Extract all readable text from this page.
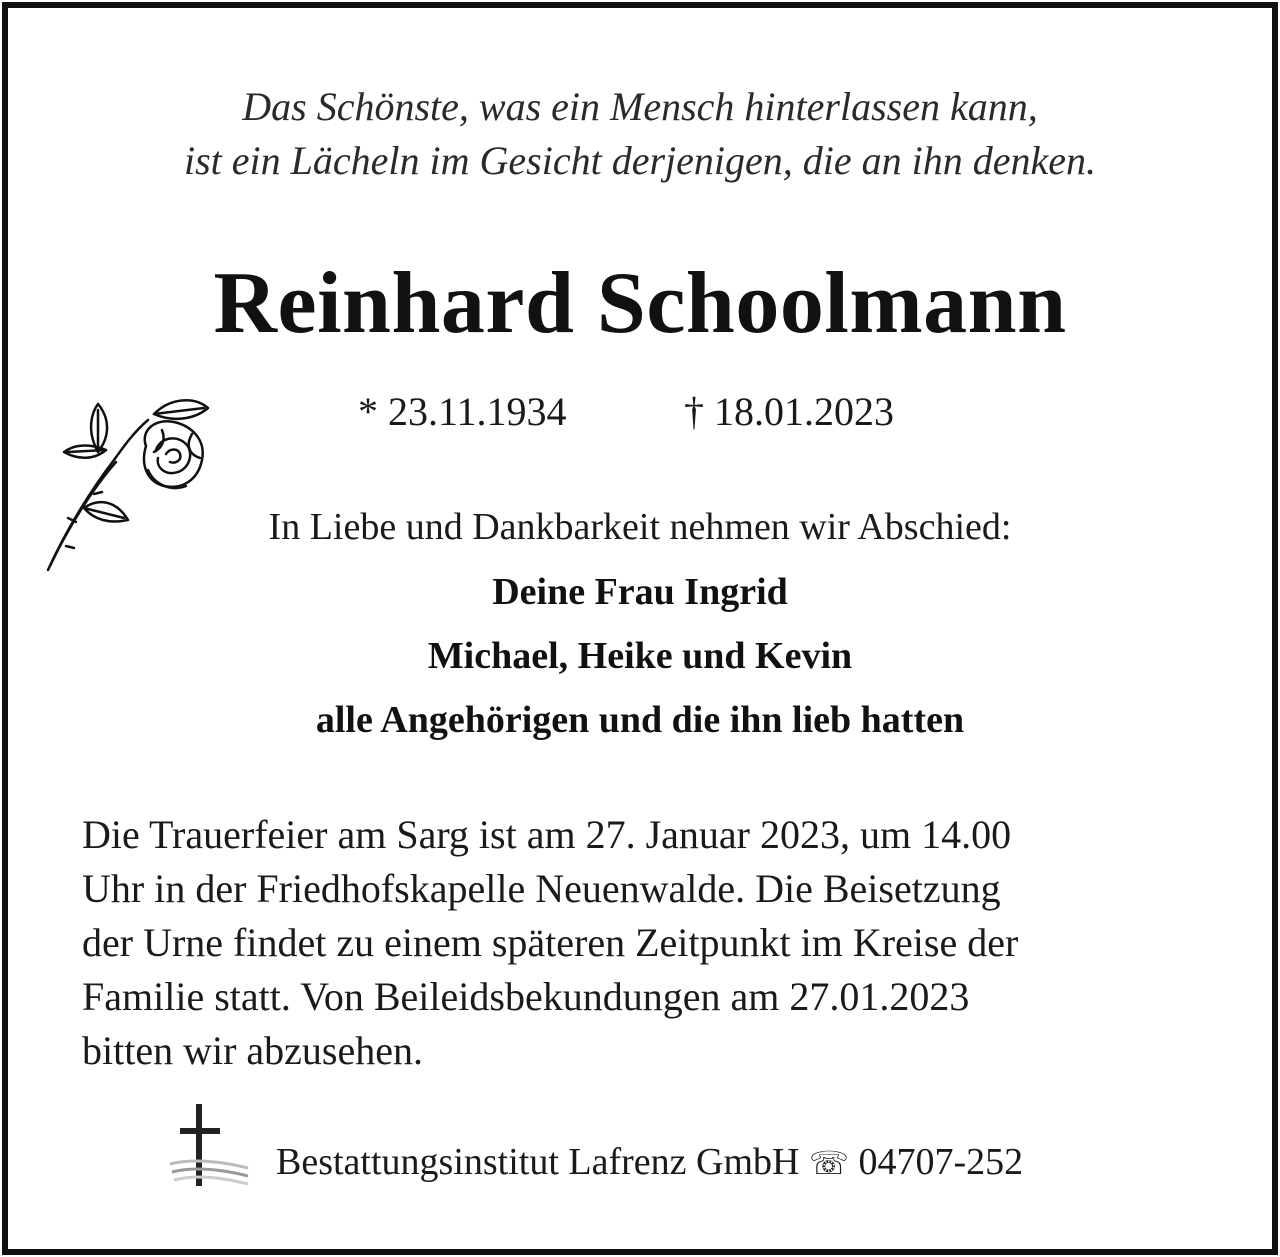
Das Schönste, was ein Mensch hinterlassen kann,
ist ein Lächeln im Gesicht derjenigen, die an ihn denken.
Reinhard Schoolmann
* 23.11.1934	† 18.01.2023
In Liebe und Dankbarkeit nehmen wir Abschied:
Deine Frau Ingrid
Michael, Heike und Kevin
alle Angehörigen und die ihn lieb hatten
Die Trauerfeier am Sarg ist am 27. Januar 2023, um 14.00
Uhr in der Friedhofskapelle Neuenwalde. Die Beisetzung
der Urne findet zu einem späteren Zeitpunkt im Kreise der
Familie statt. Von Beileidsbekundungen am 27.01.2023
bitten wir abzusehen.
Bestattungsinstitut Lafrenz GmbH ☏ 04707-252
